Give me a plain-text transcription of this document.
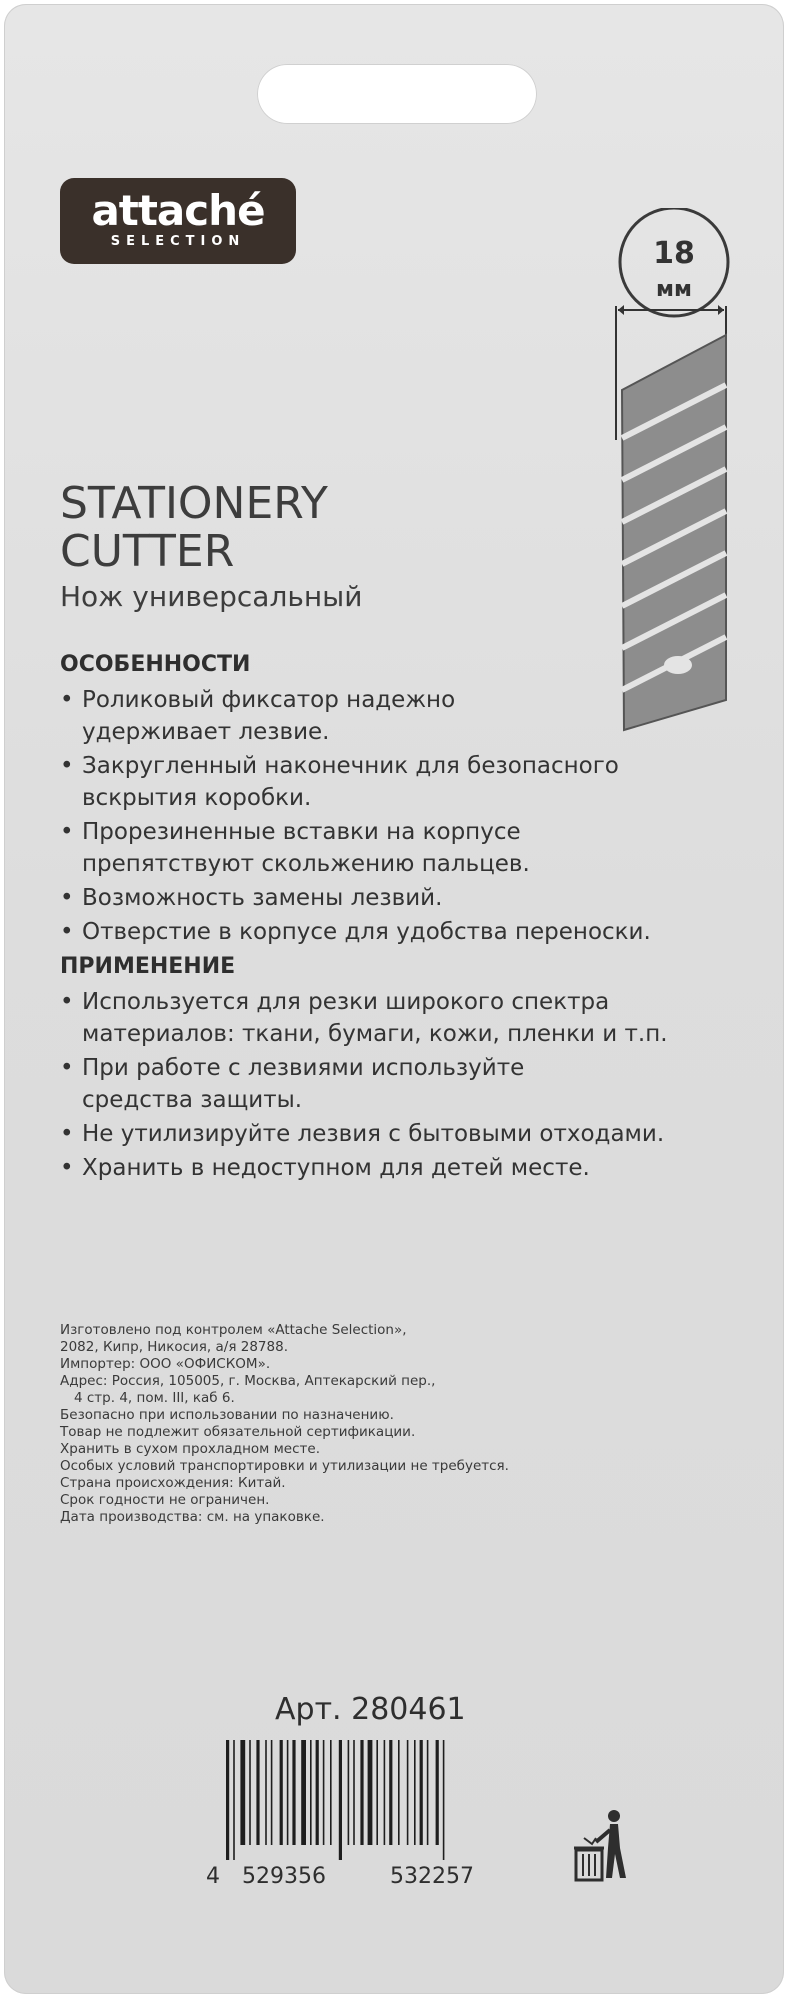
attaché
SELECTION	18
мм
STATIONERY
CUTTER
Нож универсальный
ОСОБЕННОСТИ
• Роликовый фиксатор надежно
удерживает лезвие.
• Закругленный наконечник для безопасного
вскрытия коробки.
• Прорезиненные вставки на корпусе
препятствуют скольжению пальцев.
• Возможность замены лезвий.
• Отверстие в корпусе для удобства переноски.
ПРИМЕНЕНИЕ
• Используется для резки широкого спектра
материалов: ткани, бумаги, кожи, пленки и т.п.
• При работе с лезвиями используйте
средства защиты.
• Не утилизируйте лезвия с бытовыми отходами.
• Хранить в недоступном для детей месте.
Изготовлено под контролем «Attache Selection»,
2082, Кипр, Никосия, а/я 28788.
Импортер: ООО «ОФИСКОМ».
Адрес: Россия, 105005, г. Москва, Аптекарский пер.,
4 стр. 4, пом. III, каб 6.
Безопасно при использовании по назначению.
Товар не подлежит обязательной сертификации.
Хранить в сухом прохладном месте.
Особых условий транспортировки и утилизации не требуется.
Страна происхождения: Китай.
Срок годности не ограничен.
Дата производства: см. на упаковке.
Арт. 280461
4 529356	532257
